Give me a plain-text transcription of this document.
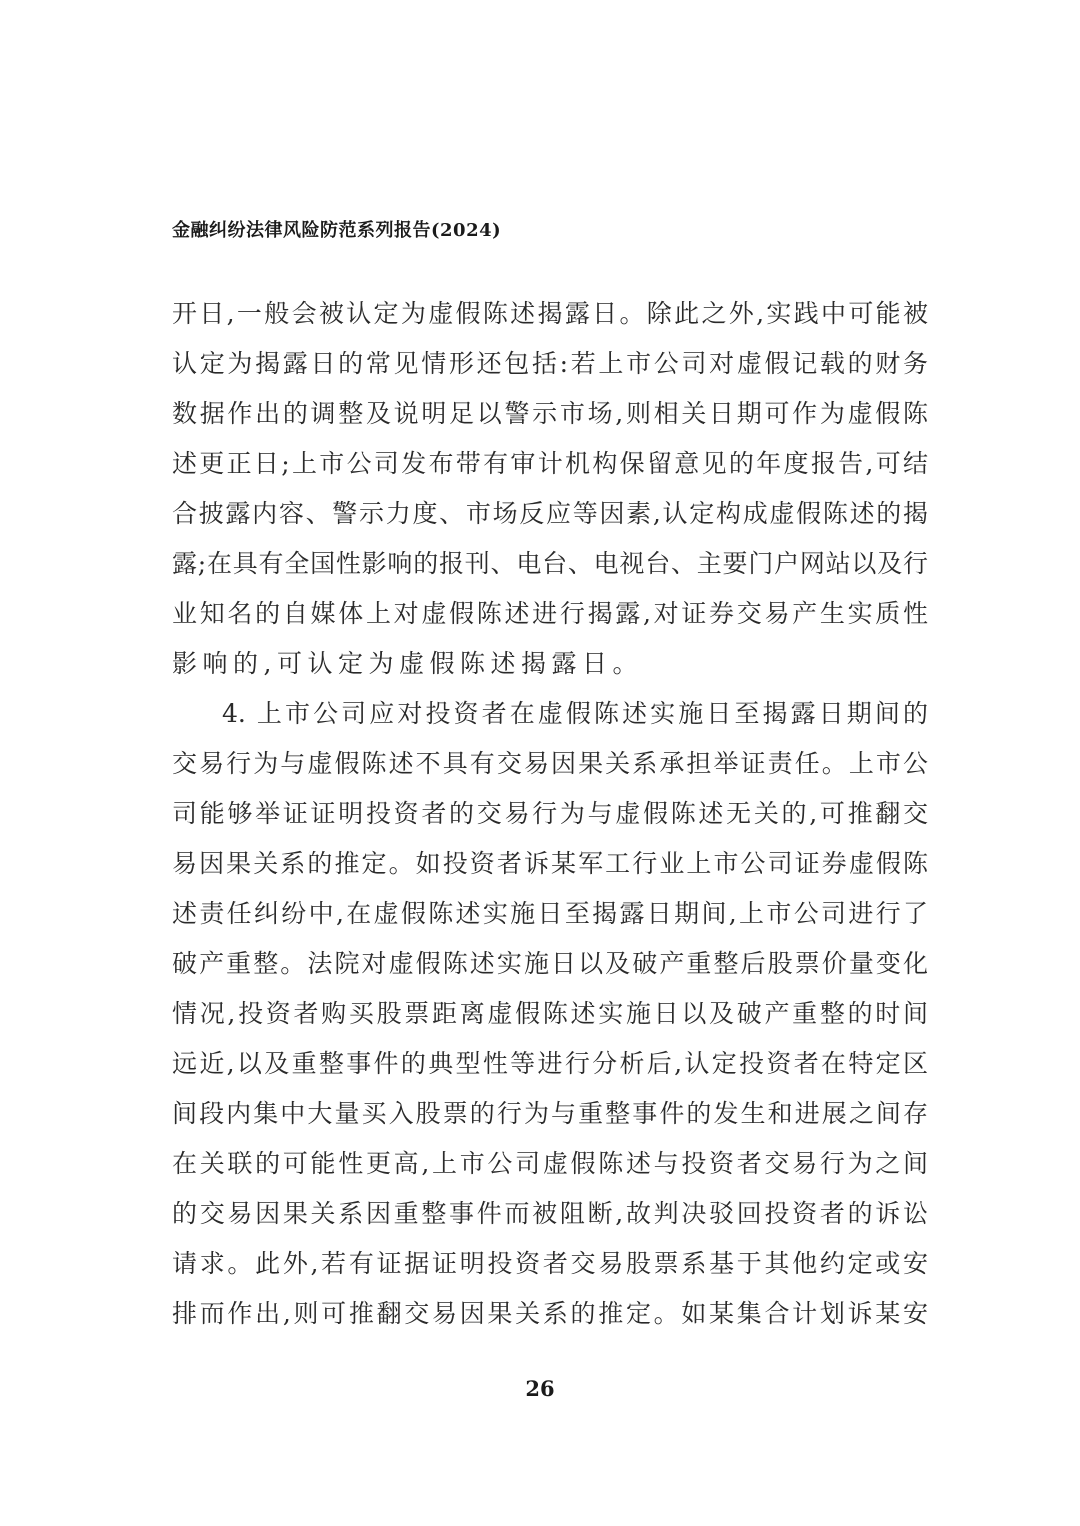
金融纠纷法律风险防范系列报告(2024)
开日,一般会被认定为虚假陈述揭露日。除此之外,实践中可能被
认定为揭露日的常见情形还包括:若上市公司对虚假记载的财务
数据作出的调整及说明足以警示市场,则相关日期可作为虚假陈
述更正日;上市公司发布带有审计机构保留意见的年度报告,可结
合披露内容、警示力度、市场反应等因素,认定构成虚假陈述的揭
露;在具有全国性影响的报刊、电台、电视台、主要门户网站以及行
业知名的自媒体上对虚假陈述进行揭露,对证券交易产生实质性
影响的,可认定为虚假陈述揭露日。
4. 上市公司应对投资者在虚假陈述实施日至揭露日期间的
交易行为与虚假陈述不具有交易因果关系承担举证责任。上市公
司能够举证证明投资者的交易行为与虚假陈述无关的,可推翻交
易因果关系的推定。如投资者诉某军工行业上市公司证券虚假陈
述责任纠纷中,在虚假陈述实施日至揭露日期间,上市公司进行了
破产重整。法院对虚假陈述实施日以及破产重整后股票价量变化
情况,投资者购买股票距离虚假陈述实施日以及破产重整的时间
远近,以及重整事件的典型性等进行分析后,认定投资者在特定区
间段内集中大量买入股票的行为与重整事件的发生和进展之间存
在关联的可能性更高,上市公司虚假陈述与投资者交易行为之间
的交易因果关系因重整事件而被阻断,故判决驳回投资者的诉讼
请求。此外,若有证据证明投资者交易股票系基于其他约定或安
排而作出,则可推翻交易因果关系的推定。如某集合计划诉某安
26
